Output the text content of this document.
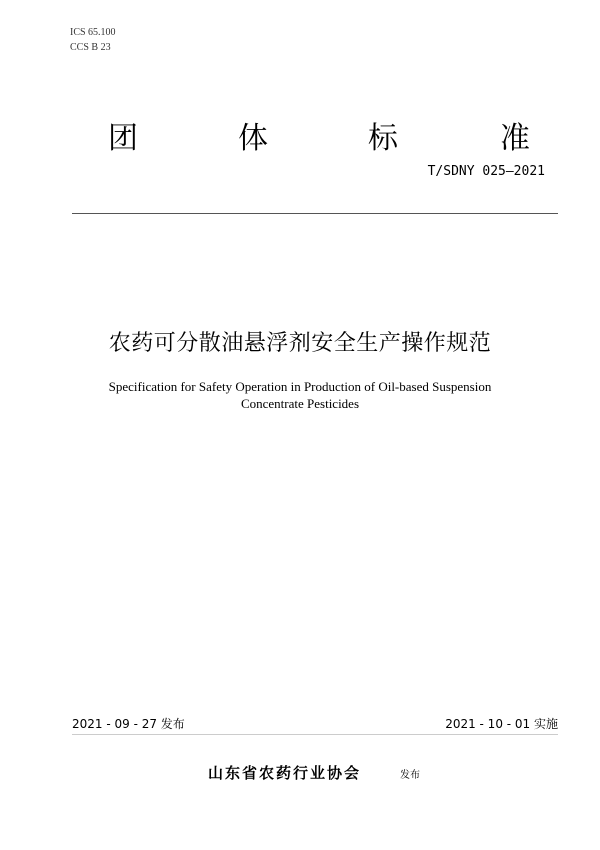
ICS 65.100
CCS B 23
团	体	标	准
T/SDNY 025—2021
农药可分散油悬浮剂安全生产操作规范
Specification for Safety Operation in Production of Oil-based Suspension
Concentrate Pesticides
2021 - 09 - 27 发布	2021 - 10 - 01 实施
山东省农药行业协会	发布
